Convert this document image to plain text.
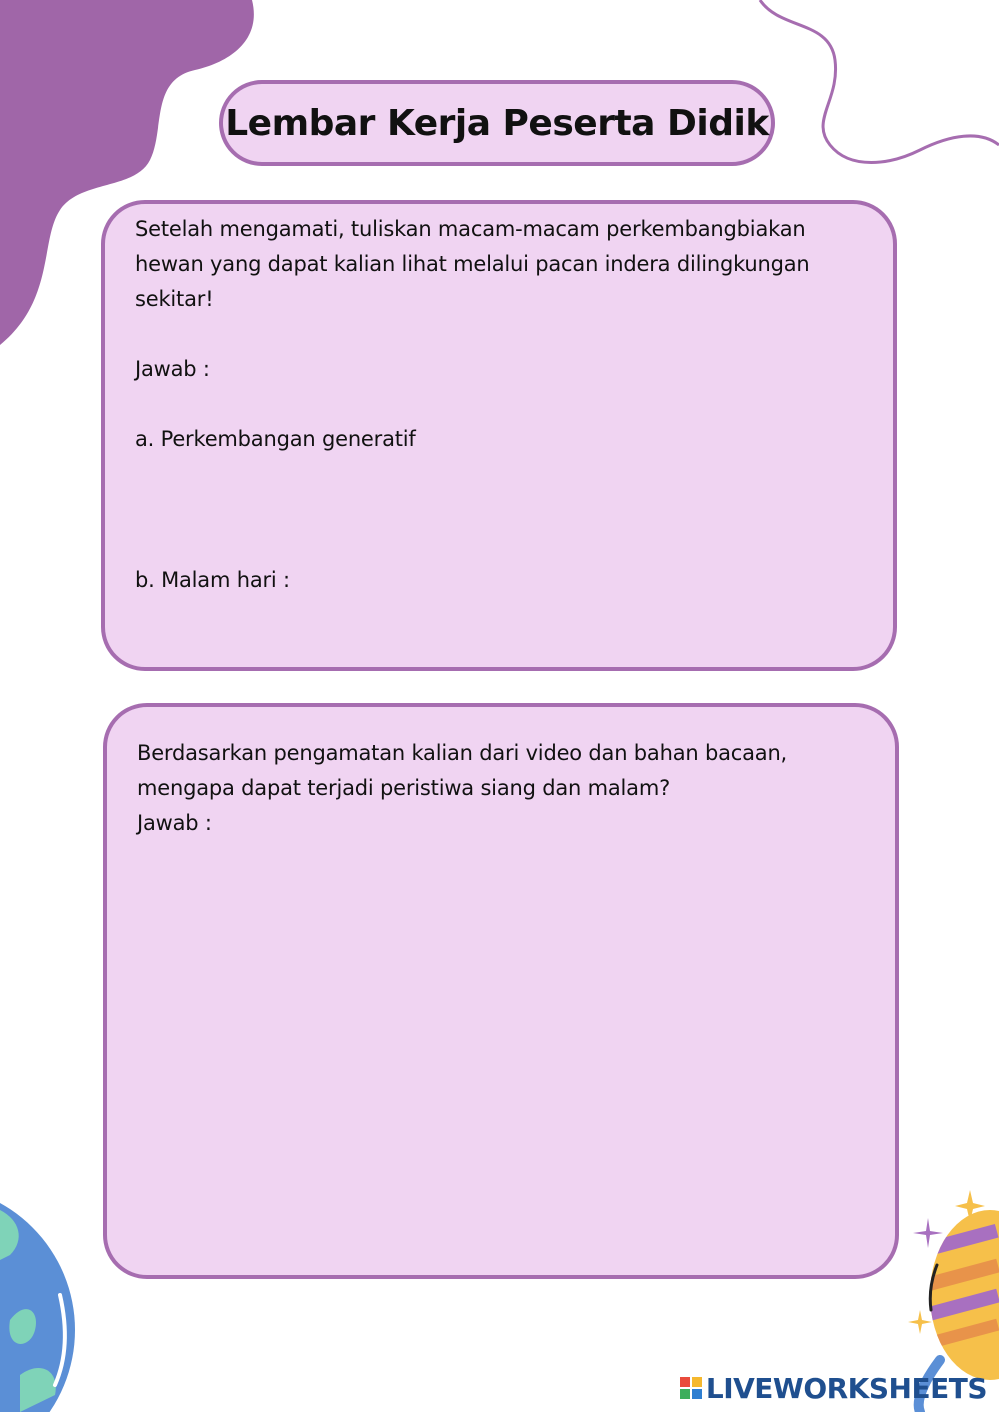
Lembar Kerja Peserta Didik

Setelah mengamati, tuliskan macam-macam perkembangbiakan hewan yang dapat kalian lihat melalui pacan indera dilingkungan sekitar!

Jawab :

a. Perkembangan generatif

b. Malam hari :

Berdasarkan pengamatan kalian dari video dan bahan bacaan, mengapa dapat terjadi peristiwa siang dan malam?

Jawab :

LIVEWORKSHEETS
